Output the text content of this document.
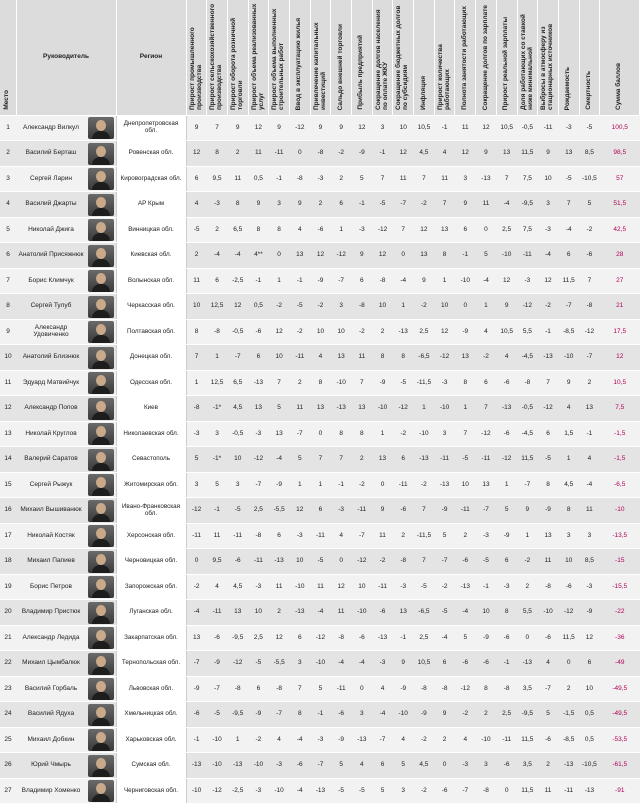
Место	Руководитель		Регион	Прирост промышленного производства	Прирост сельскохозяйственного производства	Прирост оборота розничной торговли	Прирост объема реализованных услуг	Прирост объема выполненных строительных работ	Ввод в эксплуатацию жилья	Привлечение капитальных инвестиций	Сальдо внешней торговли	Прибыль предприятий	Сокращение долгов населения по оплате ЖКУ	Сокращение бюджетных долгов по субсидиям	Инфляция	Прирост количества работающих	Полнота занятости работающих	Сокращение долгов по зарплате	Прирост реальной зарплаты	Доля работающих со ставкой ниже минимальной	Выбросы в атмосферу из стационарных источников	Рождаемость	Смертность	Сумма баллов
1	Александр Вилкул		Днепропетровская обл.	9	7	9	12	9	-12	9	9	12	3	10	10,5	-1	11	12	10,5	-0,5	-11	-3	-5	100,5
2	Василий Берташ		Ровенская обл.	12	8	2	11	-11	0	-8	-2	-9	-1	12	4,5	4	12	9	13	11,5	9	13	8,5	98,5
3	Сергей Ларин		Кировоградская обл.	6	9,5	11	0,5	-1	-8	-3	2	5	7	11	7	11	3	-13	7	7,5	10	-5	-10,5	57
4	Василий Джарты		АР Крым	4	-3	8	9	3	9	2	6	-1	-5	-7	-2	7	9	11	-4	-9,5	3	7	5	51,5
5	Николай Джига		Винницкая обл.	-5	2	6,5	8	8	4	-6	1	-3	-12	7	12	13	6	0	2,5	7,5	-3	-4	-2	42,5
6	Анатолий Присяжнюк		Киевская обл.	2	-4	-4	4**	0	13	12	-12	9	12	0	13	8	-1	5	-10	-11	-4	6	-6	28
7	Борис Климчук		Волынская обл.	11	6	-2,5	-1	1	-1	-9	-7	6	-8	-4	9	1	-10	-4	12	-3	12	11,5	7	27
8	Сергей Тулуб		Черкасская обл.	10	12,5	12	0,5	-2	-5	-2	3	-8	10	1	-2	10	0	1	9	-12	-2	-7	-8	21
9	Александр Удовиченко		Полтавская обл.	8	-8	-0,5	-6	12	-2	10	10	-2	2	-13	2,5	12	-9	4	10,5	5,5	-1	-8,5	-12	17,5
10	Анатолий Близнюк		Донецкая обл.	7	1	-7	6	10	-11	4	13	11	8	8	-6,5	-12	13	-2	4	-4,5	-13	-10	-7	12
11	Эдуард Матвийчук		Одесская обл.	1	12,5	6,5	-13	7	2	8	-10	7	-9	-5	-11,5	-3	8	6	-6	-8	7	9	2	10,5
12	Александр Попов		Киев	-8	-1*	4,5	13	5	11	13	-13	13	-10	-12	1	-10	1	7	-13	-0,5	-12	4	13	7,5
13	Николай Круглов		Николаевская обл.	-3	3	-0,5	-3	13	-7	0	8	8	1	-2	-10	3	7	-12	-6	-4,5	6	1,5	-1	-1,5
14	Валерий Саратов		Севастополь	5	-1*	10	-12	-4	5	7	7	2	13	6	-13	-11	-5	-11	-12	11,5	-5	1	4	-1,5
15	Сергей Рыжук		Житомирская обл.	3	5	3	-7	-9	1	1	-1	-2	0	-11	-2	-13	10	13	1	-7	8	4,5	-4	-6,5
16	Михаил Вышиванюк		Ивано-Франковская обл.	-12	-1	-5	2,5	-5,5	12	6	-3	-11	9	-6	7	-9	-11	-7	5	9	-9	8	11	-10
17	Николай Костяк		Херсонская обл.	-11	11	-11	-8	6	-3	-11	4	-7	11	2	-11,5	5	2	-3	-9	1	13	3	3	-13,5
18	Михаил Папиев		Черновицкая обл.	0	9,5	-6	-11	-13	10	-5	0	-12	-2	-8	7	-7	-6	-5	6	-2	11	10	8,5	-15
19	Борис Петров		Запорожская обл.	-2	4	4,5	-3	11	-10	11	12	10	-11	-3	-5	-2	-13	-1	-3	2	-8	-6	-3	-15,5
20	Владимир Пристюк		Луганская обл.	-4	-11	13	10	2	-13	-4	11	-10	-6	13	-6,5	-5	-4	10	8	5,5	-10	-12	-9	-22
21	Александр Ледида		Закарпатская обл.	13	-6	-9,5	2,5	12	6	-12	-8	-6	-13	-1	2,5	-4	5	-9	-6	0	-6	11,5	12	-36
22	Михаил Цымбалюк		Тернопольская обл.	-7	-9	-12	-5	-5,5	3	-10	-4	-4	-3	9	10,5	6	-6	-6	-1	-13	4	0	6	-49
23	Василий Горбаль		Львовская обл.	-9	-7	-8	6	-8	7	5	-11	0	4	-9	-8	-8	-12	8	-8	3,5	-7	2	10	-49,5
24	Василий Ядуха		Хмельницкая обл.	-6	-5	-9,5	-9	-7	8	-1	-6	3	-4	-10	-9	9	-2	2	2,5	-9,5	5	-1,5	0,5	-49,5
25	Михаил Добкин		Харьковская обл.	-1	-10	1	-2	4	-4	-3	-9	-13	-7	4	-2	2	4	-10	-11	11,5	-6	-8,5	0,5	-53,5
26	Юрий Чмырь		Сумская обл.	-13	-10	-13	-10	-3	-6	-7	5	4	6	5	4,5	0	-3	3	-6	3,5	2	-13	-10,5	-61,5
27	Владимир Хоменко		Черниговская обл.	-10	-12	-2,5	-3	-10	-4	-13	-5	-5	5	3	-2	-6	-7	-8	0	11,5	11	-11	-13	-91
